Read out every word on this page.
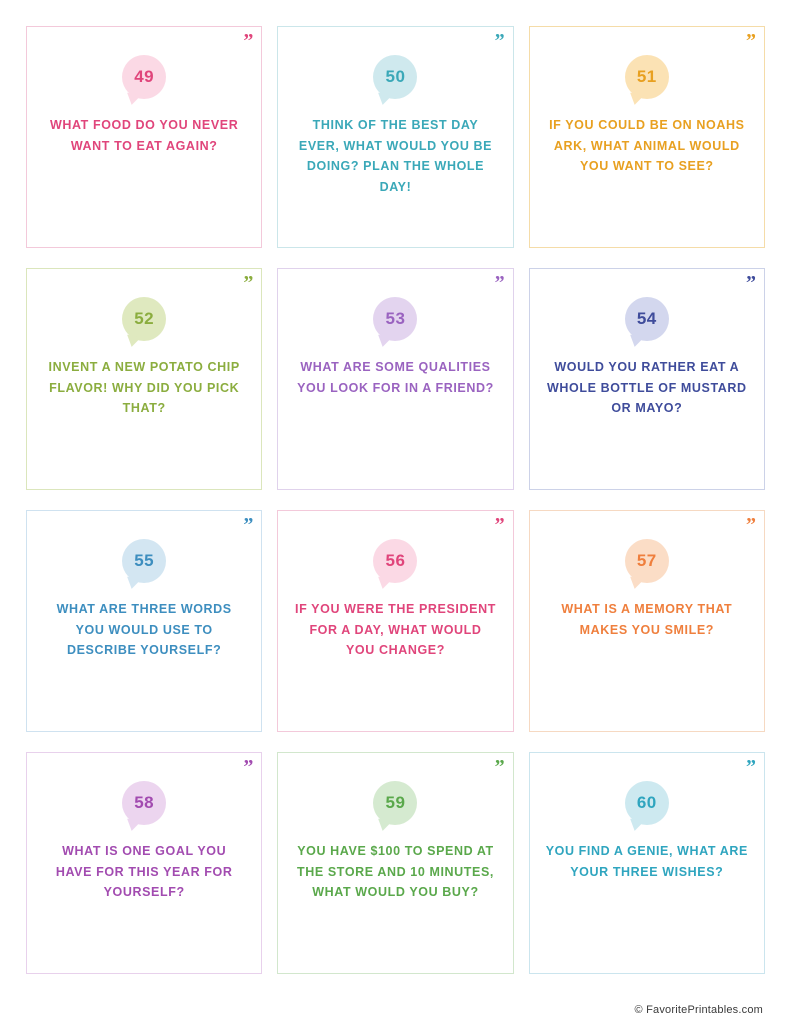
”
49
WHAT FOOD DO YOU NEVER WANT TO EAT AGAIN?
”
50
THINK OF THE BEST DAY EVER, WHAT WOULD YOU BE DOING? PLAN THE WHOLE DAY!
”
51
IF YOU COULD BE ON NOAHS ARK, WHAT ANIMAL WOULD YOU WANT TO SEE?
”
52
INVENT A NEW POTATO CHIP FLAVOR! WHY DID YOU PICK THAT?
”
53
WHAT ARE SOME QUALITIES YOU LOOK FOR IN A FRIEND?
”
54
WOULD YOU RATHER EAT A WHOLE BOTTLE OF MUSTARD OR MAYO?
”
55
WHAT ARE THREE WORDS YOU WOULD USE TO DESCRIBE YOURSELF?
”
56
IF YOU WERE THE PRESIDENT FOR A DAY, WHAT WOULD YOU CHANGE?
”
57
WHAT IS A MEMORY THAT MAKES YOU SMILE?
”
58
WHAT IS ONE GOAL YOU HAVE FOR THIS YEAR FOR YOURSELF?
”
59
YOU HAVE $100 TO SPEND AT THE STORE AND 10 MINUTES, WHAT WOULD YOU BUY?
”
60
YOU FIND A GENIE, WHAT ARE YOUR THREE WISHES?
© FavoritePrintables.com
